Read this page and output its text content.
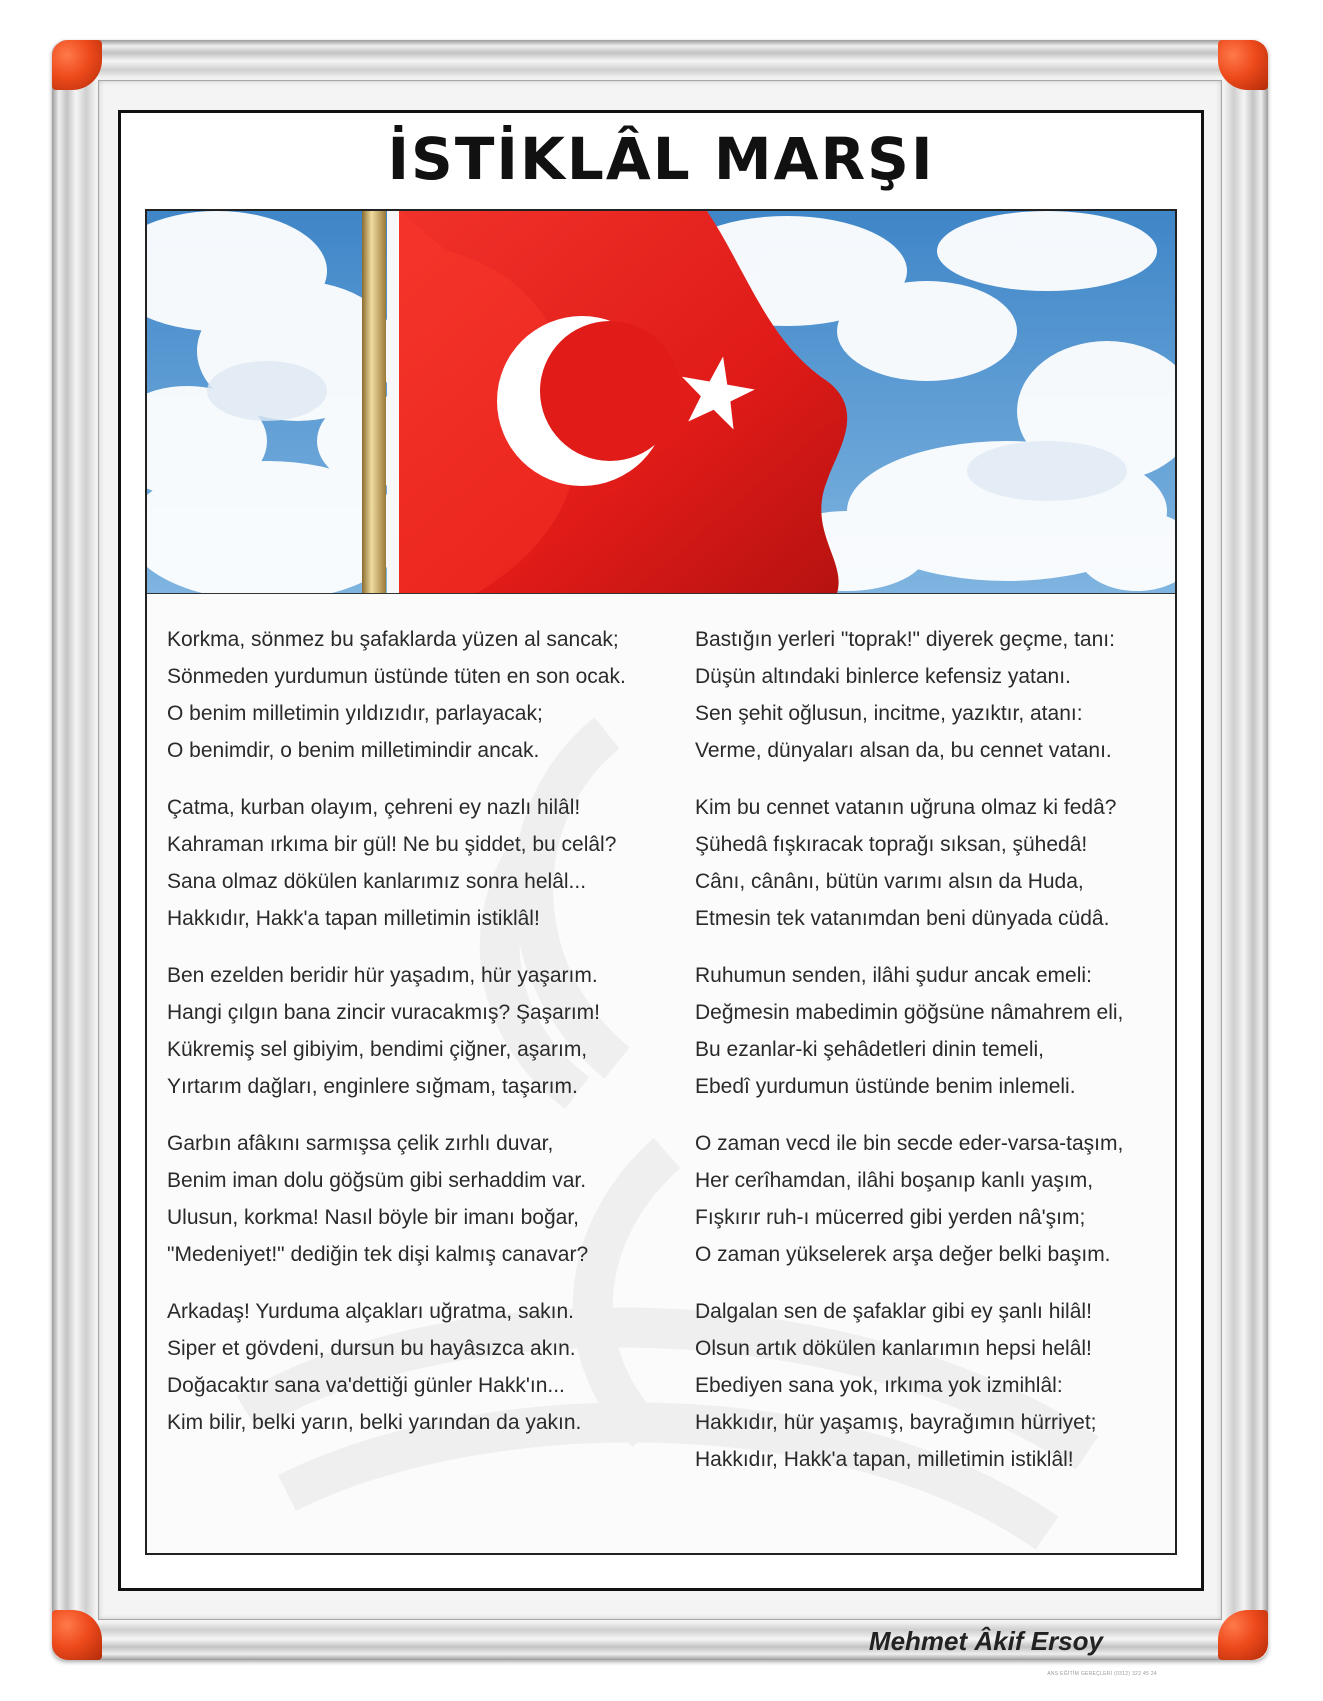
İSTİKLÂL MARŞI
Korkma, sönmez bu şafaklarda yüzen al sancak;
Sönmeden yurdumun üstünde tüten en son ocak.
O benim milletimin yıldızıdır, parlayacak;
O benimdir, o benim milletimindir ancak.
Çatma, kurban olayım, çehreni ey nazlı hilâl!
Kahraman ırkıma bir gül! Ne bu şiddet, bu celâl?
Sana olmaz dökülen kanlarımız sonra helâl...
Hakkıdır, Hakk'a tapan milletimin istiklâl!
Ben ezelden beridir hür yaşadım, hür yaşarım.
Hangi çılgın bana zincir vuracakmış? Şaşarım!
Kükremiş sel gibiyim, bendimi çiğner, aşarım,
Yırtarım dağları, enginlere sığmam, taşarım.
Garbın afâkını sarmışsa çelik zırhlı duvar,
Benim iman dolu göğsüm gibi serhaddim var.
Ulusun, korkma! Nasıl böyle bir imanı boğar,
"Medeniyet!" dediğin tek dişi kalmış canavar?
Arkadaş! Yurduma alçakları uğratma, sakın.
Siper et gövdeni, dursun bu hayâsızca akın.
Doğacaktır sana va'dettiği günler Hakk'ın...
Kim bilir, belki yarın, belki yarından da yakın.
Bastığın yerleri "toprak!" diyerek geçme, tanı:
Düşün altındaki binlerce kefensiz yatanı.
Sen şehit oğlusun, incitme, yazıktır, atanı:
Verme, dünyaları alsan da, bu cennet vatanı.
Kim bu cennet vatanın uğruna olmaz ki fedâ?
Şühedâ fışkıracak toprağı sıksan, şühedâ!
Cânı, cânânı, bütün varımı alsın da Huda,
Etmesin tek vatanımdan beni dünyada cüdâ.
Ruhumun senden, ilâhi şudur ancak emeli:
Değmesin mabedimin göğsüne nâmahrem eli,
Bu ezanlar-ki şehâdetleri dinin temeli,
Ebedî yurdumun üstünde benim inlemeli.
O zaman vecd ile bin secde eder-varsa-taşım,
Her cerîhamdan, ilâhi boşanıp kanlı yaşım,
Fışkırır ruh-ı mücerred gibi yerden nâ'şım;
O zaman yükselerek arşa değer belki başım.
Dalgalan sen de şafaklar gibi ey şanlı hilâl!
Olsun artık dökülen kanlarımın hepsi helâl!
Ebediyen sana yok, ırkıma yok izmihlâl:
Hakkıdır, hür yaşamış, bayrağımın hürriyet;
Hakkıdır, Hakk'a tapan, milletimin istiklâl!
Mehmet Âkif Ersoy
ANS EĞİTİM GEREÇLERİ (0312) 322 45 24
